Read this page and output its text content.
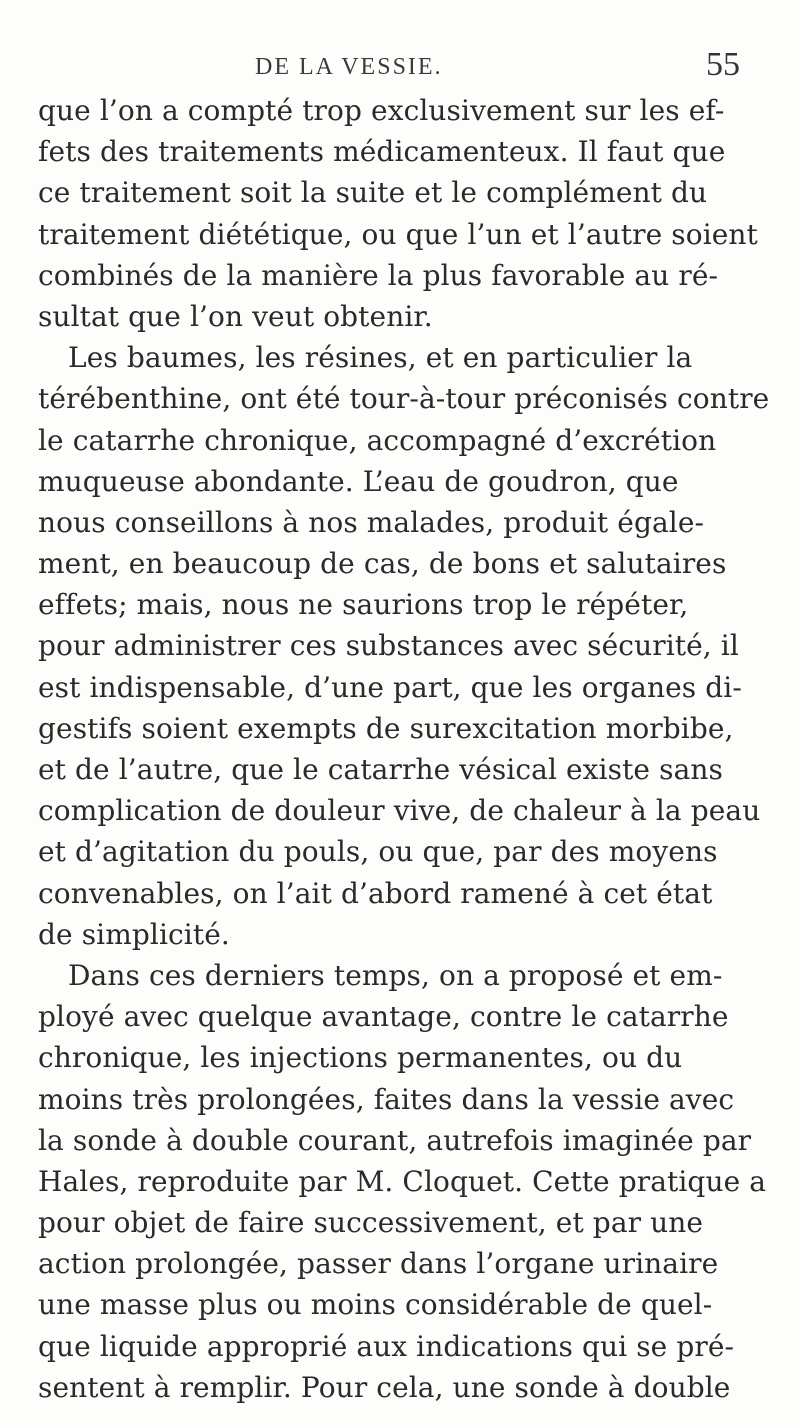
DE LA VESSIE.	55
que l’on a compté trop exclusivement sur les ef-
fets des traitements médicamenteux. Il faut que
ce traitement soit la suite et le complément du
traitement diététique, ou que l’un et l’autre soient
combinés de la manière la plus favorable au ré-
sultat que l’on veut obtenir.
Les baumes, les résines, et en particulier la
térébenthine, ont été tour-à-tour préconisés contre
le catarrhe chronique, accompagné d’excrétion
muqueuse abondante. L’eau de goudron, que
nous conseillons à nos malades, produit égale-
ment, en beaucoup de cas, de bons et salutaires
effets; mais, nous ne saurions trop le répéter,
pour administrer ces substances avec sécurité, il
est indispensable, d’une part, que les organes di-
gestifs soient exempts de surexcitation morbibe,
et de l’autre, que le catarrhe vésical existe sans
complication de douleur vive, de chaleur à la peau
et d’agitation du pouls, ou que, par des moyens
convenables, on l’ait d’abord ramené à cet état
de simplicité.
Dans ces derniers temps, on a proposé et em-
ployé avec quelque avantage, contre le catarrhe
chronique, les injections permanentes, ou du
moins très prolongées, faites dans la vessie avec
la sonde à double courant, autrefois imaginée par
Hales, reproduite par M. Cloquet. Cette pratique a
pour objet de faire successivement, et par une
action prolongée, passer dans l’organe urinaire
une masse plus ou moins considérable de quel-
que liquide approprié aux indications qui se pré-
sentent à remplir. Pour cela, une sonde à double
